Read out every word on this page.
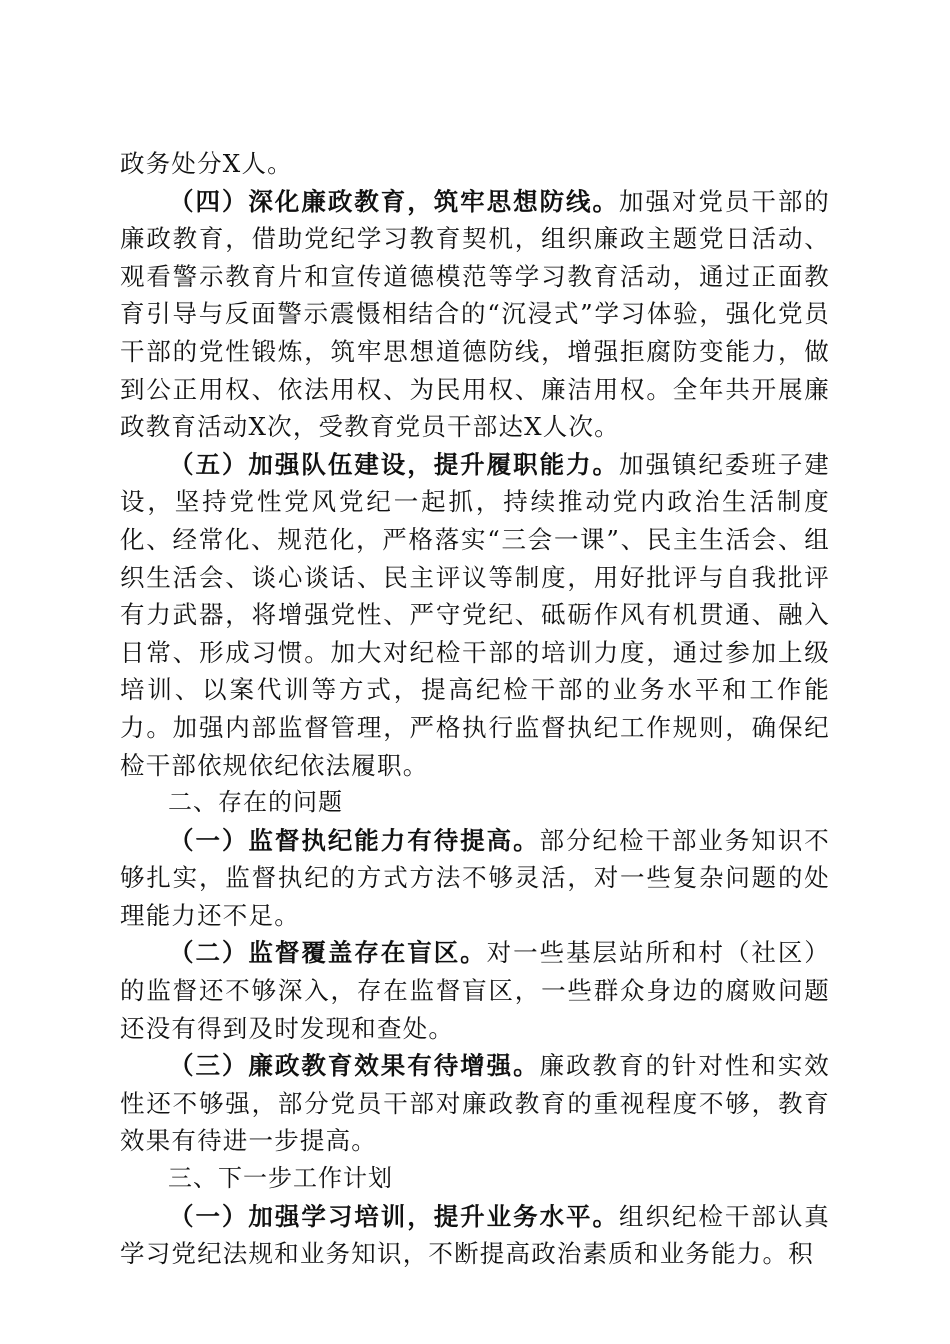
政务处分X人。

（四）深化廉政教育，筑牢思想防线。加强对党员干部的廉政教育，借助党纪学习教育契机，组织廉政主题党日活动、观看警示教育片和宣传道德模范等学习教育活动，通过正面教育引导与反面警示震慑相结合的“沉浸式”学习体验，强化党员干部的党性锻炼，筑牢思想道德防线，增强拒腐防变能力，做到公正用权、依法用权、为民用权、廉洁用权。全年共开展廉政教育活动X次，受教育党员干部达X人次。

（五）加强队伍建设，提升履职能力。加强镇纪委班子建设，坚持党性党风党纪一起抓，持续推动党内政治生活制度化、经常化、规范化，严格落实“三会一课”、民主生活会、组织生活会、谈心谈话、民主评议等制度，用好批评与自我批评有力武器，将增强党性、严守党纪、砥砺作风有机贯通、融入日常、形成习惯。加大对纪检干部的培训力度，通过参加上级培训、以案代训等方式，提高纪检干部的业务水平和工作能力。加强内部监督管理，严格执行监督执纪工作规则，确保纪检干部依规依纪依法履职。

二、存在的问题

（一）监督执纪能力有待提高。部分纪检干部业务知识不够扎实，监督执纪的方式方法不够灵活，对一些复杂问题的处理能力还不足。

（二）监督覆盖存在盲区。对一些基层站所和村（社区）的监督还不够深入，存在监督盲区，一些群众身边的腐败问题还没有得到及时发现和查处。

（三）廉政教育效果有待增强。廉政教育的针对性和实效性还不够强，部分党员干部对廉政教育的重视程度不够，教育效果有待进一步提高。

三、下一步工作计划

（一）加强学习培训，提升业务水平。组织纪检干部认真学习党纪法规和业务知识，不断提高政治素质和业务能力。积
